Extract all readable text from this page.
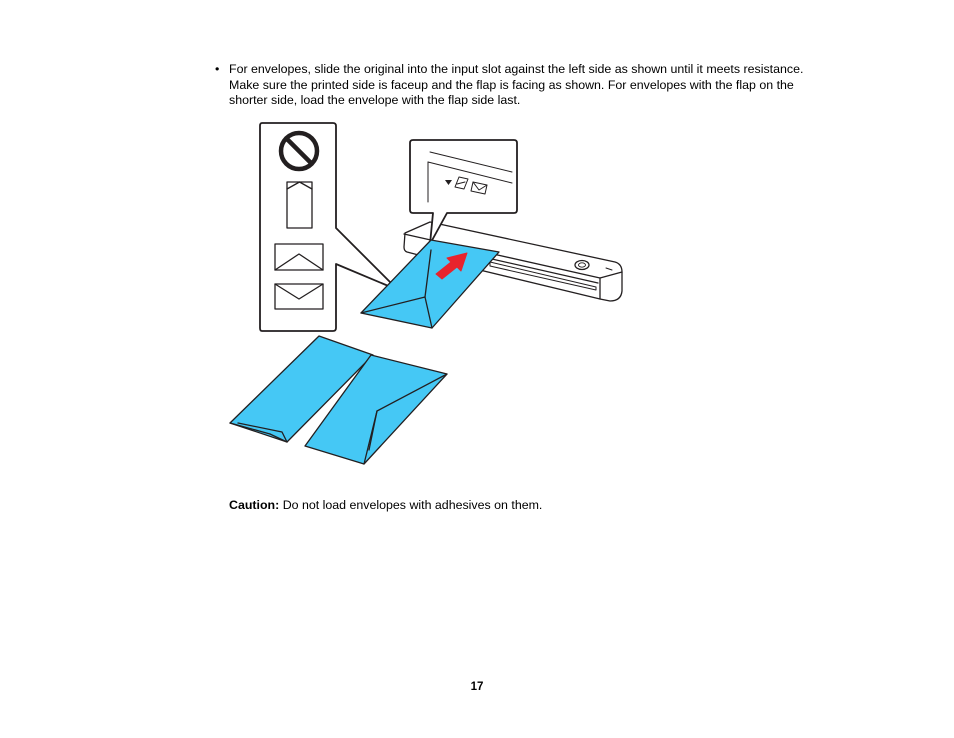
• For envelopes, slide the original into the input slot against the left side as shown until it meets resistance. Make sure the printed side is faceup and the flap is facing as shown. For envelopes with the flap on the shorter side, load the envelope with the flap side last.
Caution: Do not load envelopes with adhesives on them.
17
